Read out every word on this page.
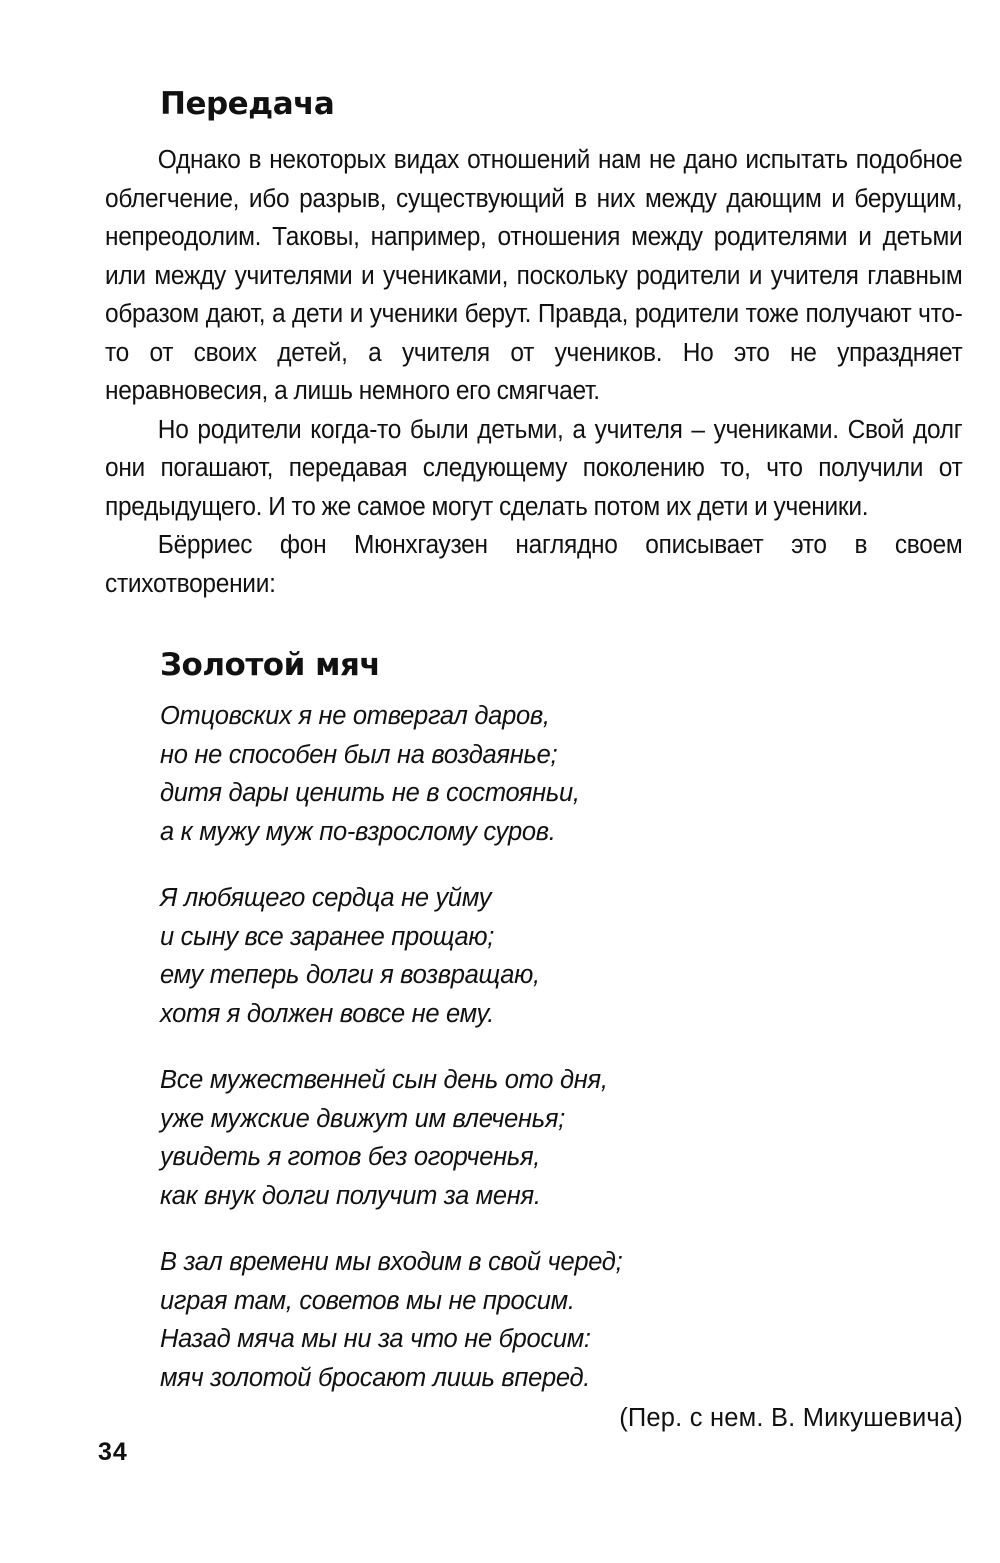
Передача

Однако в некоторых видах отношений нам не дано испытать подобное облегчение, ибо разрыв, существующий в них между дающим и берущим, непреодолим. Таковы, например, отношения между родителями и детьми или между учителями и учениками, поскольку родители и учителя главным образом дают, а дети и ученики берут. Правда, родители тоже получают что-то от своих детей, а учителя от учеников. Но это не упраздняет неравновесия, а лишь немного его смягчает.

Но родители когда-то были детьми, а учителя – учениками. Свой долг они погашают, передавая следующему поколению то, что получили от предыдущего. И то же самое могут сделать потом их дети и ученики.

Бёрриес фон Мюнхгаузен наглядно описывает это в своем стихотворении:

Золотой мяч
Отцовских я не отвергал даров,
но не способен был на воздаянье;
дитя дары ценить не в состояньи,
а к мужу муж по-взрослому суров.
Я любящего сердца не уйму
и сыну все заранее прощаю;
ему теперь долги я возвращаю,
хотя я должен вовсе не ему.
Все мужественней сын день ото дня,
уже мужские движут им влеченья;
увидеть я готов без огорченья,
как внук долги получит за меня.
В зал времени мы входим в свой черед;
играя там, советов мы не просим.
Назад мяча мы ни за что не бросим:
мяч золотой бросают лишь вперед.
(Пер. с нем. В. Микушевича)
34
